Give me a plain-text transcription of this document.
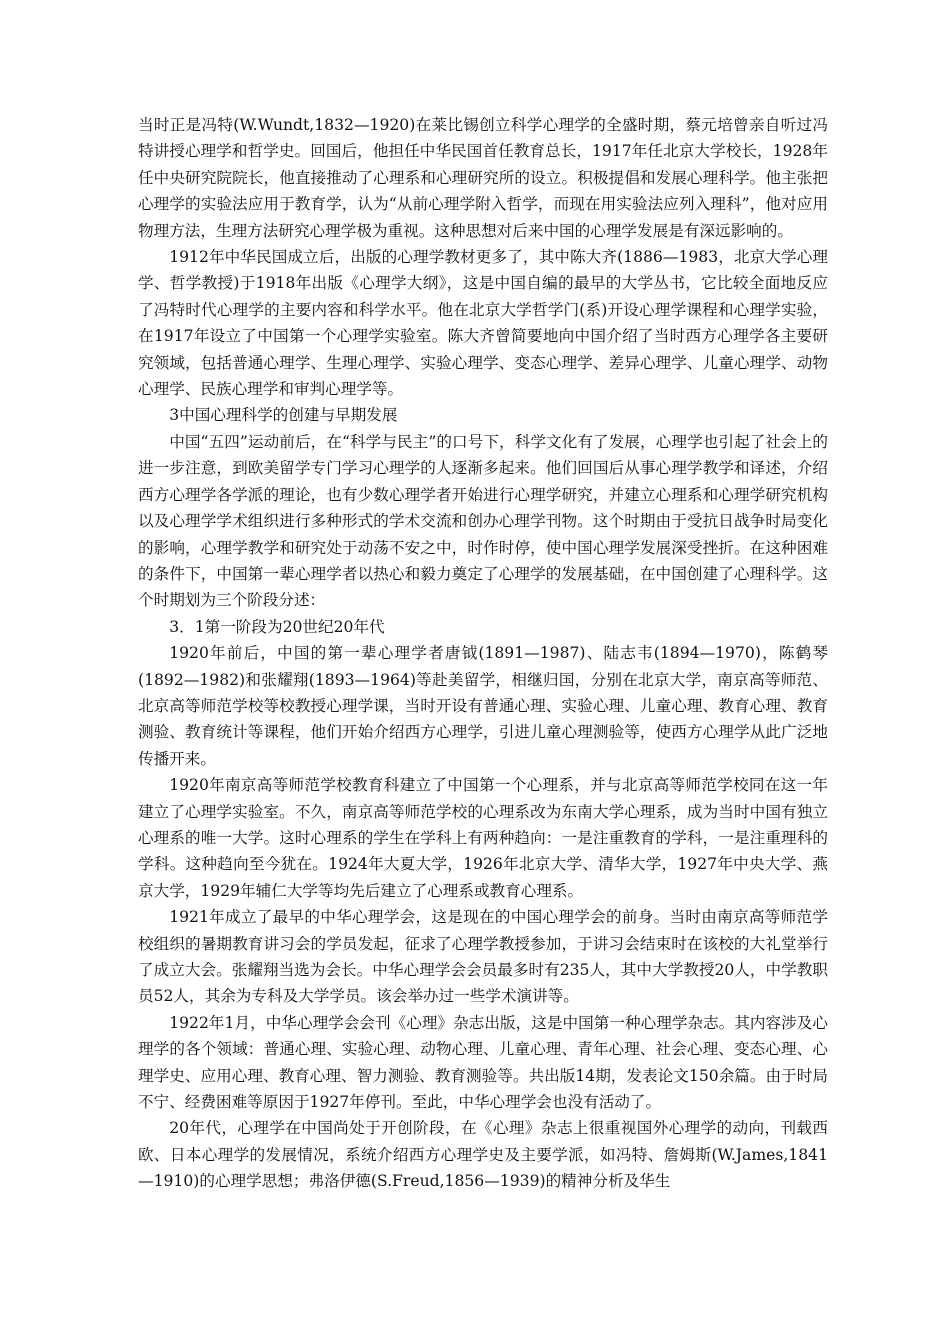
当时正是冯特(W.Wundt,1832—1920)在莱比锡创立科学心理学的全盛时期，蔡元培曾亲自听过冯特讲授心理学和哲学史。回国后，他担任中华民国首任教育总长，1917年任北京大学校长，1928年任中央研究院院长，他直接推动了心理系和心理研究所的设立。积极提倡和发展心理科学。他主张把心理学的实验法应用于教育学，认为“从前心理学附入哲学，而现在用实验法应列入理科”，他对应用物理方法，生理方法研究心理学极为重视。这种思想对后来中国的心理学发展是有深远影响的。

1912年中华民国成立后，出版的心理学教材更多了，其中陈大齐(1886—1983，北京大学心理学、哲学教授)于1918年出版《心理学大纲》，这是中国自编的最早的大学丛书，它比较全面地反应了冯特时代心理学的主要内容和科学水平。他在北京大学哲学门(系)开设心理学课程和心理学实验，在1917年设立了中国第一个心理学实验室。陈大齐曾简要地向中国介绍了当时西方心理学各主要研究领域，包括普通心理学、生理心理学、实验心理学、变态心理学、差异心理学、儿童心理学、动物心理学、民族心理学和审判心理学等。

3中国心理科学的创建与早期发展

中国“五四”运动前后，在“科学与民主”的口号下，科学文化有了发展，心理学也引起了社会上的进一步注意，到欧美留学专门学习心理学的人逐渐多起来。他们回国后从事心理学教学和译述，介绍西方心理学各学派的理论，也有少数心理学者开始进行心理学研究，并建立心理系和心理学研究机构以及心理学学术组织进行多种形式的学术交流和创办心理学刊物。这个时期由于受抗日战争时局变化的影响，心理学教学和研究处于动荡不安之中，时作时停，使中国心理学发展深受挫折。在这种困难的条件下，中国第一辈心理学者以热心和毅力奠定了心理学的发展基础，在中国创建了心理科学。这个时期划为三个阶段分述：

3．1第一阶段为20世纪20年代

1920年前后，中国的第一辈心理学者唐钺(1891—1987)、陆志韦(1894—1970)，陈鹤琴(1892—1982)和张耀翔(1893—1964)等赴美留学，相继归国，分别在北京大学，南京高等师范、北京高等师范学校等校教授心理学课，当时开设有普通心理、实验心理、儿童心理、教育心理、教育测验、教育统计等课程，他们开始介绍西方心理学，引进儿童心理测验等，使西方心理学从此广泛地传播开来。

1920年南京高等师范学校教育科建立了中国第一个心理系，并与北京高等师范学校同在这一年建立了心理学实验室。不久，南京高等师范学校的心理系改为东南大学心理系，成为当时中国有独立心理系的唯一大学。这时心理系的学生在学科上有两种趋向：一是注重教育的学科，一是注重理科的学科。这种趋向至今犹在。1924年大夏大学，1926年北京大学、清华大学，1927年中央大学、燕京大学，1929年辅仁大学等均先后建立了心理系或教育心理系。

1921年成立了最早的中华心理学会，这是现在的中国心理学会的前身。当时由南京高等师范学校组织的暑期教育讲习会的学员发起，征求了心理学教授参加，于讲习会结束时在该校的大礼堂举行了成立大会。张耀翔当选为会长。中华心理学会会员最多时有235人，其中大学教授20人，中学教职员52人，其余为专科及大学学员。该会举办过一些学术演讲等。

1922年1月，中华心理学会会刊《心理》杂志出版，这是中国第一种心理学杂志。其内容涉及心理学的各个领域：普通心理、实验心理、动物心理、儿童心理、青年心理、社会心理、变态心理、心理学史、应用心理、教育心理、智力测验、教育测验等。共出版14期，发表论文150余篇。由于时局不宁、经费困难等原因于1927年停刊。至此，中华心理学会也没有活动了。

20年代，心理学在中国尚处于开创阶段，在《心理》杂志上很重视国外心理学的动向，刊载西欧、日本心理学的发展情况，系统介绍西方心理学史及主要学派，如冯特、詹姆斯(W.James,1841—1910)的心理学思想；弗洛伊德(S.Freud,1856—1939)的精神分析及华生
